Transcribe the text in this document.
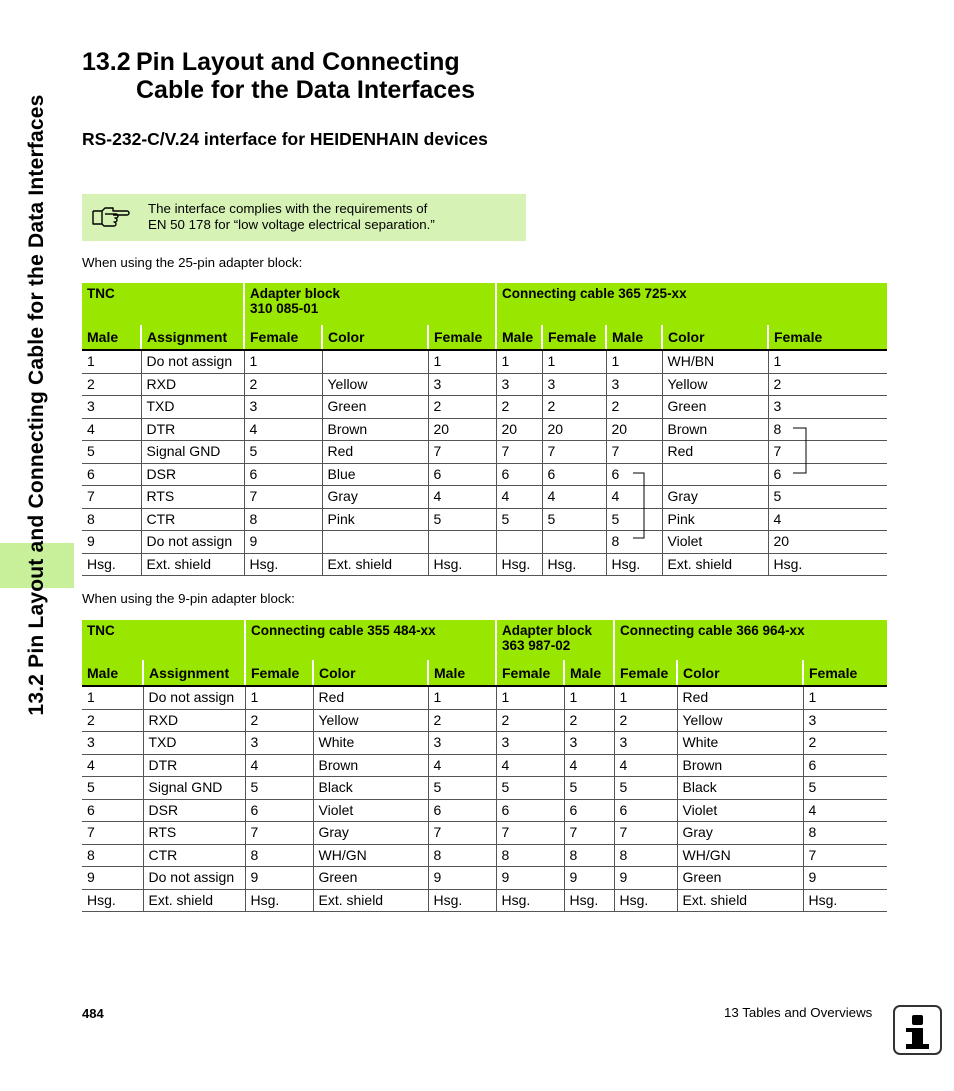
13.2 Pin Layout and Connecting Cable for the Data Interfaces
13.2 Pin Layout and Connecting
Cable for the Data Interfaces
RS-232-C/V.24 interface for HEIDENHAIN devices
The interface complies with the requirements of
EN 50 178 for “low voltage electrical separation.”
When using the 25-pin adapter block:
TNC		Adapter block
310 085-01			Connecting cable 365 725-xx				
Male	Assignment	Female	Color	Female	Male	Female	Male	Color	Female
1	Do not assign	1		1	1	1	1	WH/BN	1
2	RXD	2	Yellow	3	3	3	3	Yellow	2
3	TXD	3	Green	2	2	2	2	Green	3
4	DTR	4	Brown	20	20	20	20	Brown	8
5	Signal GND	5	Red	7	7	7	7	Red	7
6	DSR	6	Blue	6	6	6	6		6
7	RTS	7	Gray	4	4	4	4	Gray	5
8	CTR	8	Pink	5	5	5	5	Pink	4
9	Do not assign	9					8	Violet	20
Hsg.	Ext. shield	Hsg.	Ext. shield	Hsg.	Hsg.	Hsg.	Hsg.	Ext. shield	Hsg.
When using the 9-pin adapter block:
TNC		Connecting cable 355 484-xx			Adapter block
363 987-02		Connecting cable 366 964-xx		
Male	Assignment	Female	Color	Male	Female	Male	Female	Color	Female
1	Do not assign	1	Red	1	1	1	1	Red	1
2	RXD	2	Yellow	2	2	2	2	Yellow	3
3	TXD	3	White	3	3	3	3	White	2
4	DTR	4	Brown	4	4	4	4	Brown	6
5	Signal GND	5	Black	5	5	5	5	Black	5
6	DSR	6	Violet	6	6	6	6	Violet	4
7	RTS	7	Gray	7	7	7	7	Gray	8
8	CTR	8	WH/GN	8	8	8	8	WH/GN	7
9	Do not assign	9	Green	9	9	9	9	Green	9
Hsg.	Ext. shield	Hsg.	Ext. shield	Hsg.	Hsg.	Hsg.	Hsg.	Ext. shield	Hsg.
484	13 Tables and Overviews
